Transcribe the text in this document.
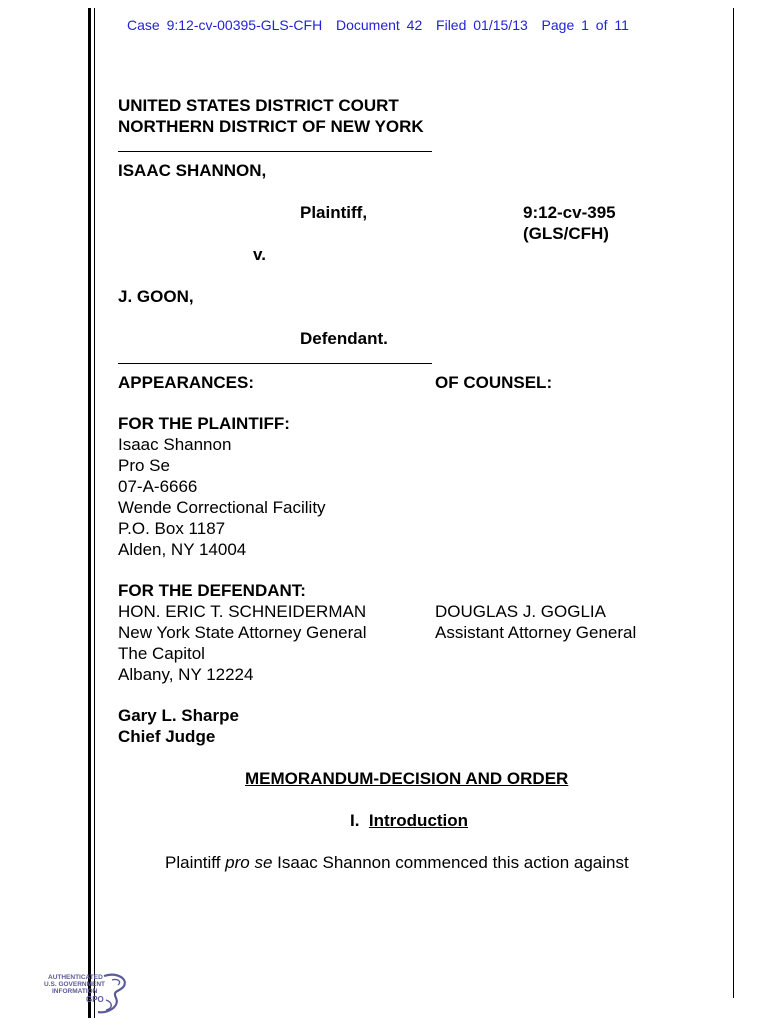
Case 9:12-cv-00395-GLS-CFH Document 42 Filed 01/15/13 Page 1 of 11
UNITED STATES DISTRICT COURT
NORTHERN DISTRICT OF NEW YORK
ISAAC SHANNON,
Plaintiff,	9:12-cv-395
(GLS/CFH)
v.
J. GOON,
Defendant.
APPEARANCES:	OF COUNSEL:
FOR THE PLAINTIFF:
Isaac Shannon
Pro Se
07-A-6666
Wende Correctional Facility
P.O. Box 1187
Alden, NY 14004
FOR THE DEFENDANT:
HON. ERIC T. SCHNEIDERMAN
New York State Attorney General
The Capitol
Albany, NY 12224
DOUGLAS J. GOGLIA
Assistant Attorney General
Gary L. Sharpe
Chief Judge
MEMORANDUM-DECISION AND ORDER
I. Introduction
Plaintiff pro se Isaac Shannon commenced this action against
AUTHENTICATED
U.S. GOVERNMENT
INFORMATION
GPO
